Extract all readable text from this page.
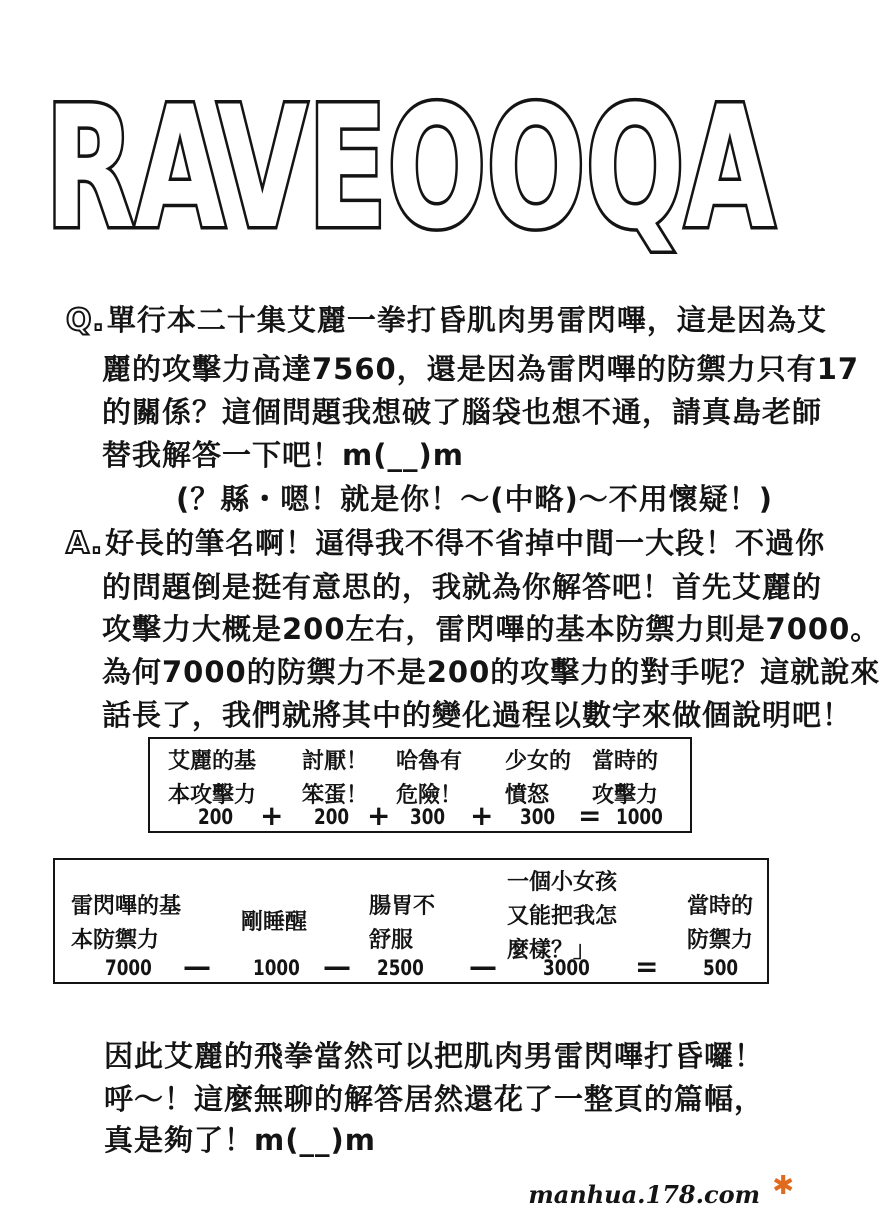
RAVEOOQA
Q.單行本二十集艾麗一拳打昏肌肉男雷閃嗶，這是因為艾
麗的攻擊力高達7560，還是因為雷閃嗶的防禦力只有17
的關係？這個問題我想破了腦袋也想不通，請真島老師
替我解答一下吧！m(__)m
(？縣・嗯！就是你！～(中略)～不用懷疑！)
A.好長的筆名啊！逼得我不得不省掉中間一大段！不過你
的問題倒是挺有意思的，我就為你解答吧！首先艾麗的
攻擊力大概是200左右，雷閃嗶的基本防禦力則是7000。
為何7000的防禦力不是200的攻擊力的對手呢？這就說來
話長了，我們就將其中的變化過程以數字來做個說明吧！
艾麗的基
本攻擊力
討厭！
笨蛋！
哈魯有
危險！
少女的
憤怒
當時的
攻擊力
200 + 200 + 300 + 300 = 1000
雷閃嗶的基
本防禦力
剛睡醒
腸胃不
舒服
一個小女孩
又能把我怎
麼樣？」
當時的
防禦力
7000 — 1000 — 2500 — 3000 = 500
因此艾麗的飛拳當然可以把肌肉男雷閃嗶打昏囉！
呼～！這麼無聊的解答居然還花了一整頁的篇幅，
真是夠了！m(__)m
manhua.178.com ✱
